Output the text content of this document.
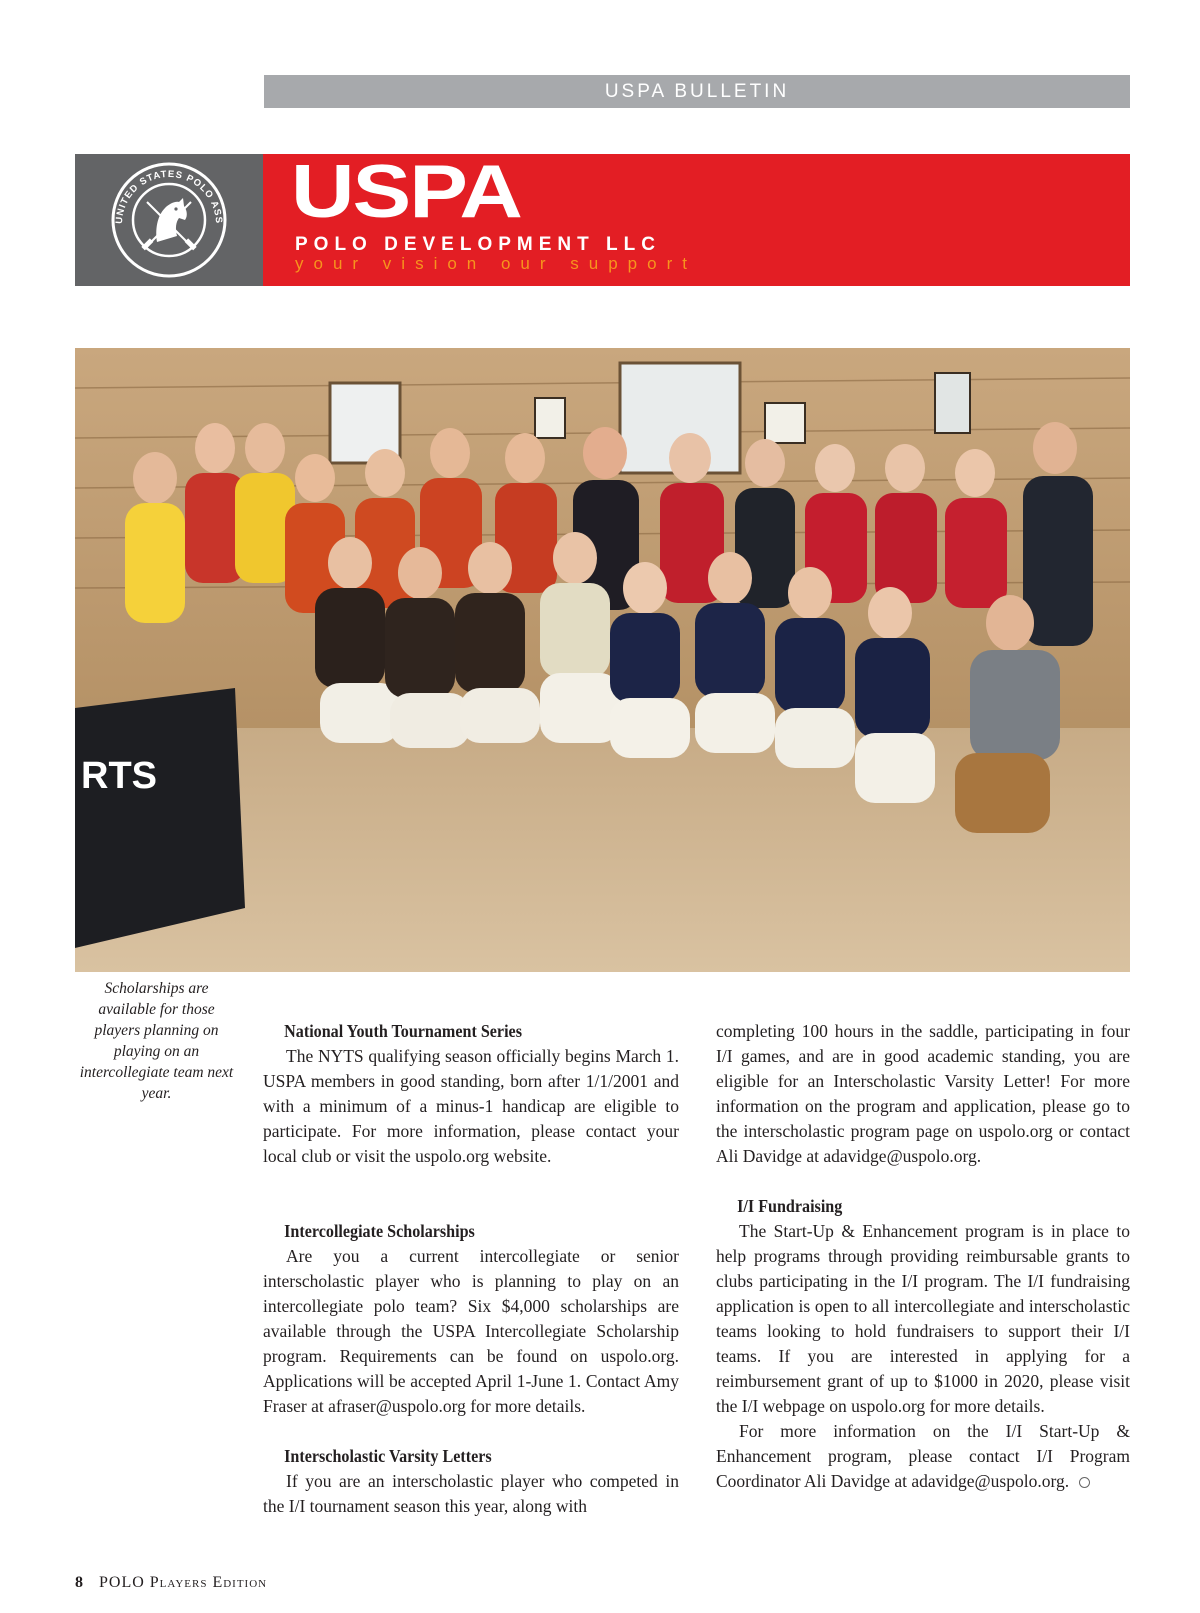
USPA BULLETIN
UNITED STATES POLO ASS USPA
POLO DEVELOPMENT LLC
your vision our support
RTS
Scholarships are available for those players planning on playing on an intercollegiate team next year.
National Youth Tournament Series

The NYTS qualifying season officially begins March 1. USPA members in good standing, born after 1/1/2001 and with a minimum of a minus-1 handicap are eligible to participate. For more information, please contact your local club or visit the uspolo.org website.

Intercollegiate Scholarships

Are you a current intercollegiate or senior interscholastic player who is planning to play on an intercollegiate polo team? Six $4,000 scholarships are available through the USPA Intercollegiate Scholarship program. Requirements can be found on uspolo.org. Applications will be accepted April 1-June 1. Contact Amy Fraser at afraser@uspolo.org for more details.

Interscholastic Varsity Letters

If you are an interscholastic player who competed in the I/I tournament season this year, along with

completing 100 hours in the saddle, participating in four I/I games, and are in good academic standing, you are eligible for an Interscholastic Varsity Letter! For more information on the program and application, please go to the interscholastic program page on uspolo.org or contact Ali Davidge at adavidge@uspolo.org.

I/I Fundraising

The Start-Up & Enhancement program is in place to help programs through providing reimbursable grants to clubs participating in the I/I program. The I/I fundraising application is open to all intercollegiate and interscholastic teams looking to hold fundraisers to support their I/I teams. If you are interested in applying for a reimbursement grant of up to $1000 in 2020, please visit the I/I webpage on uspolo.org for more details.

For more information on the I/I Start-Up & Enhancement program, please contact I/I Program Coordinator Ali Davidge at adavidge@uspolo.org.

8 POLO Players Edition
